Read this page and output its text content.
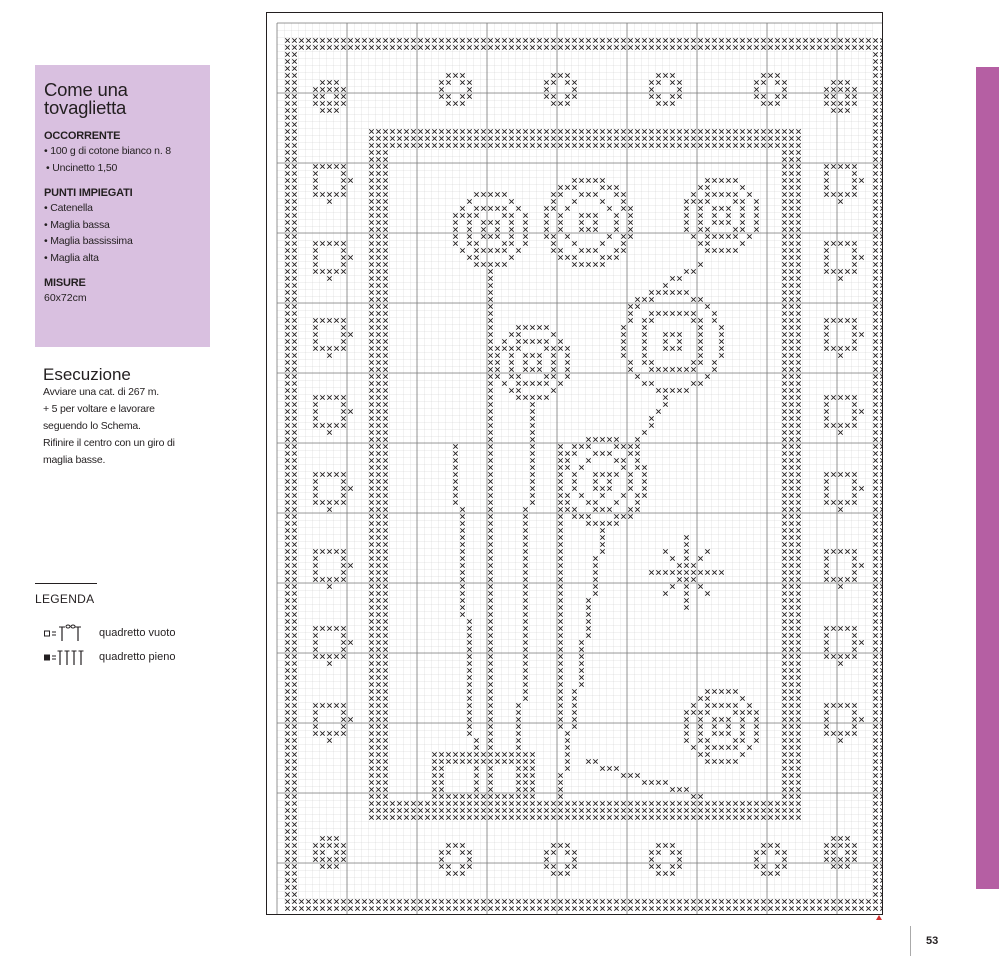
Come una
tovaglietta
OCCORRENTE
• 100 g di cotone bianco n. 8
• Uncinetto 1,50
PUNTI IMPIEGATI
• Catenella
• Maglia bassa
• Maglia bassissima
• Maglia alta
MISURE

60x72cm

Esecuzione

Avviare una cat. di 267 m.

+ 5 per voltare e lavorare

seguendo lo Schema.

Rifinire il centro con un giro di

maglia basse.

LEGENDA
quadretto vuoto
quadretto pieno
53
